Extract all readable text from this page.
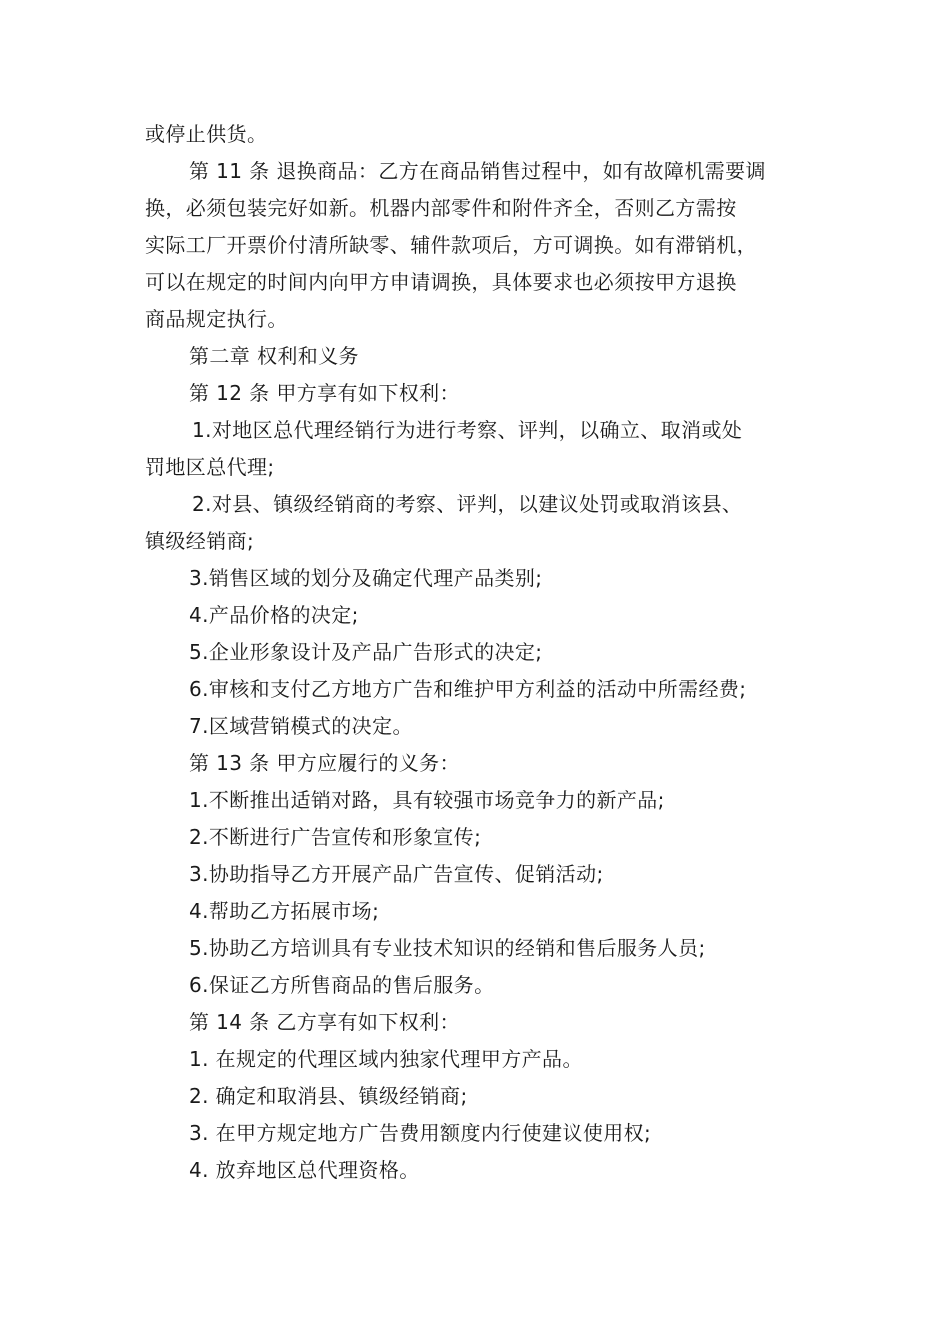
或停止供货。
第 11 条 退换商品：乙方在商品销售过程中，如有故障机需要调
换，必须包装完好如新。机器内部零件和附件齐全，否则乙方需按
实际工厂开票价付清所缺零、辅件款项后，方可调换。如有滞销机，
可以在规定的时间内向甲方申请调换，具体要求也必须按甲方退换
商品规定执行。
第二章 权利和义务
第 12 条 甲方享有如下权利：
1.对地区总代理经销行为进行考察、评判，以确立、取消或处
罚地区总代理;
2.对县、镇级经销商的考察、评判，以建议处罚或取消该县、
镇级经销商;
3.销售区域的划分及确定代理产品类别;
4.产品价格的决定;
5.企业形象设计及产品广告形式的决定;
6.审核和支付乙方地方广告和维护甲方利益的活动中所需经费;
7.区域营销模式的决定。
第 13 条 甲方应履行的义务：
1.不断推出适销对路，具有较强市场竞争力的新产品;
2.不断进行广告宣传和形象宣传;
3.协助指导乙方开展产品广告宣传、促销活动;
4.帮助乙方拓展市场;
5.协助乙方培训具有专业技术知识的经销和售后服务人员;
6.保证乙方所售商品的售后服务。
第 14 条 乙方享有如下权利：
1. 在规定的代理区域内独家代理甲方产品。
2. 确定和取消县、镇级经销商;
3. 在甲方规定地方广告费用额度内行使建议使用权;
4. 放弃地区总代理资格。
